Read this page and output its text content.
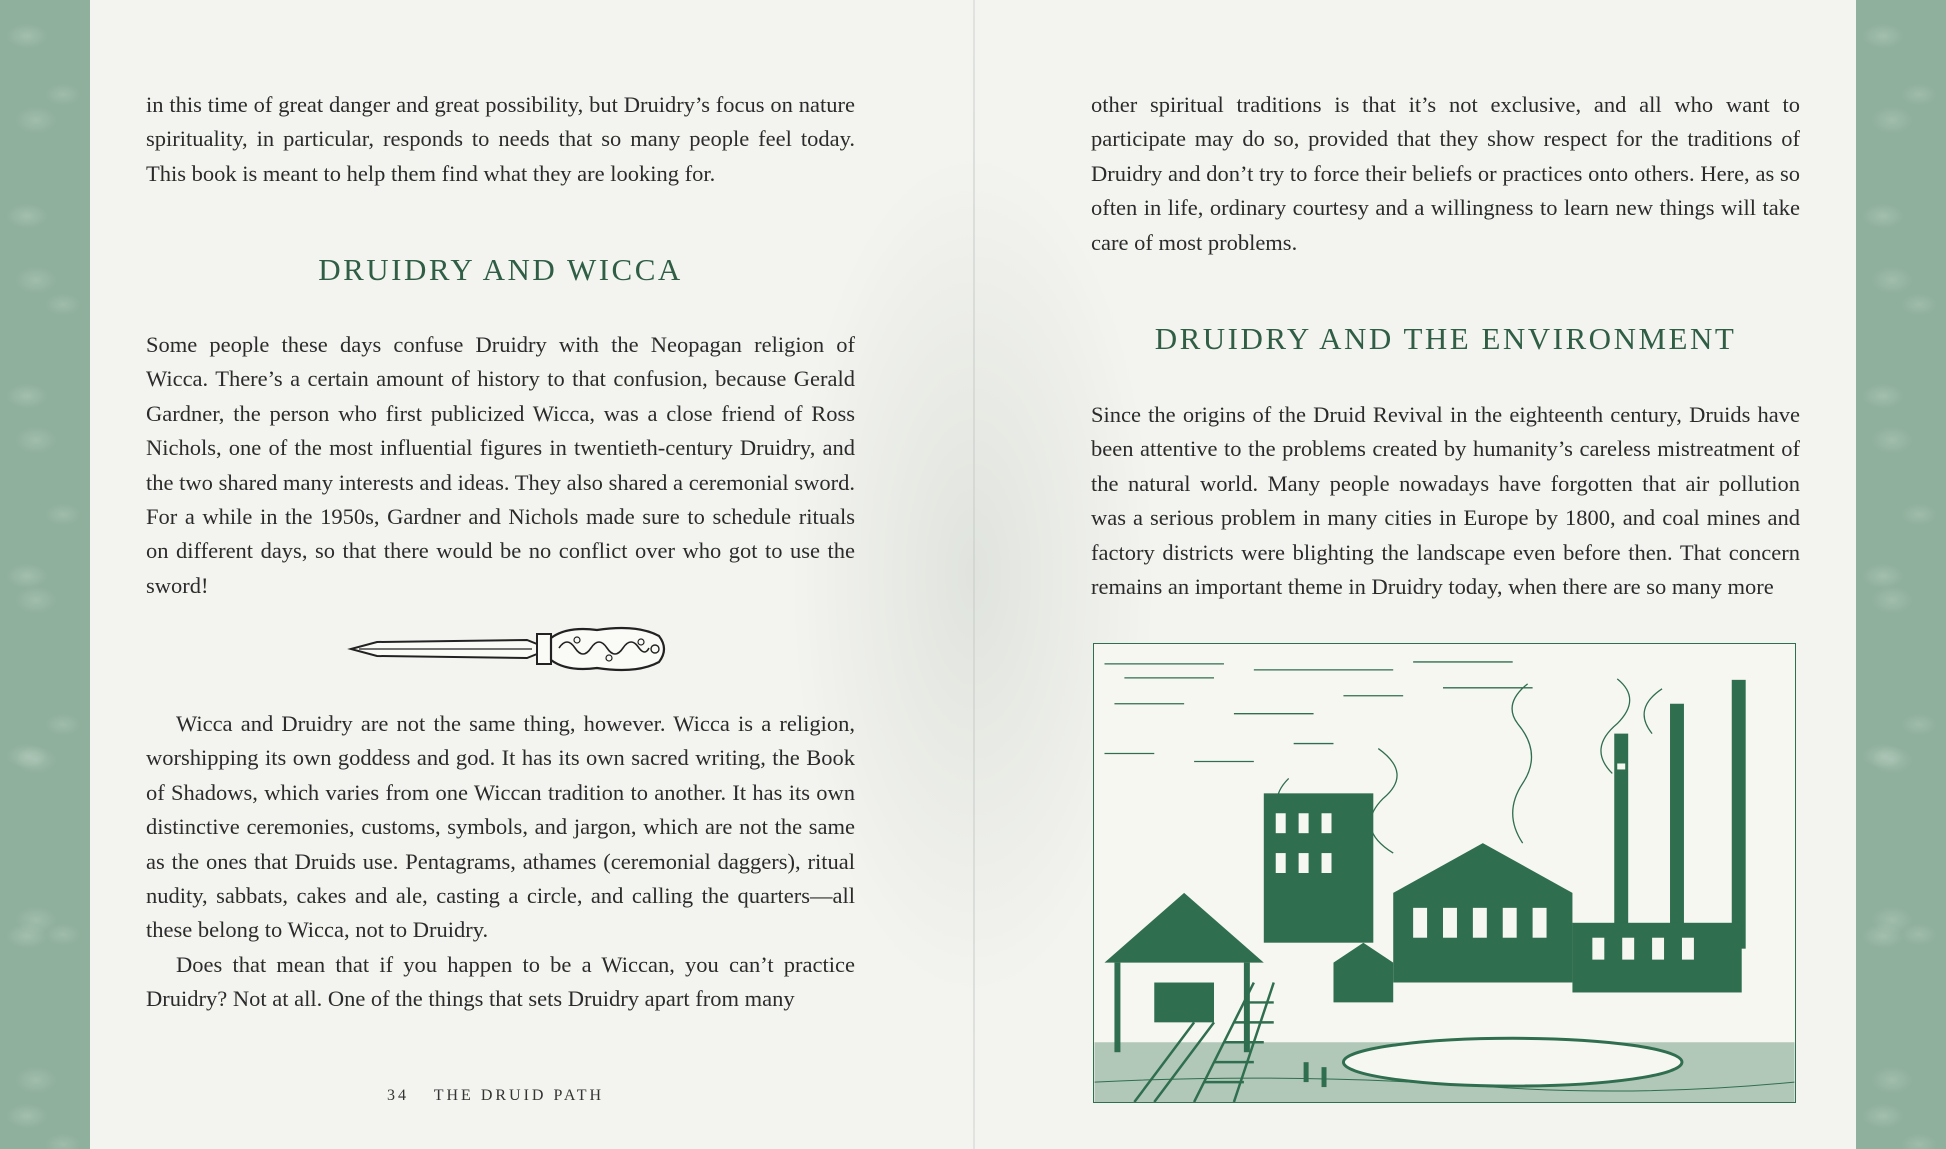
in this time of great danger and great possibility, but Druidry’s focus on nature spirituality, in particular, responds to needs that so many people feel today. This book is meant to help them find what they are looking for.

DRUIDRY AND WICCA

Some people these days confuse Druidry with the Neopagan religion of Wicca. There’s a certain amount of history to that confusion, because Gerald Gardner, the person who first publicized Wicca, was a close friend of Ross Nichols, one of the most influential figures in twentieth-century Druidry, and the two shared many interests and ideas. They also shared a ceremonial sword. For a while in the 1950s, Gardner and Nichols made sure to schedule rituals on different days, so that there would be no conflict over who got to use the sword!

Wicca and Druidry are not the same thing, however. Wicca is a religion, worshipping its own goddess and god. It has its own sacred writing, the Book of Shadows, which varies from one Wiccan tradition to another. It has its own distinctive ceremonies, customs, symbols, and jargon, which are not the same as the ones that Druids use. Pentagrams, athames (ceremonial daggers), ritual nudity, sabbats, cakes and ale, casting a circle, and calling the quarters—all these belong to Wicca, not to Druidry.

Does that mean that if you happen to be a Wiccan, you can’t practice Druidry? Not at all. One of the things that sets Druidry apart from many

34 THE DRUID PATH

other spiritual traditions is that it’s not exclusive, and all who want to participate may do so, provided that they show respect for the traditions of Druidry and don’t try to force their beliefs or practices onto others. Here, as so often in life, ordinary courtesy and a willingness to learn new things will take care of most problems.

DRUIDRY AND THE ENVIRONMENT

Since the origins of the Druid Revival in the eighteenth century, Druids have been attentive to the problems created by humanity’s careless mistreatment of the natural world. Many people nowadays have forgotten that air pollution was a serious problem in many cities in Europe by 1800, and coal mines and factory districts were blighting the landscape even before then. That concern remains an important theme in Druidry today, when there are so many more
